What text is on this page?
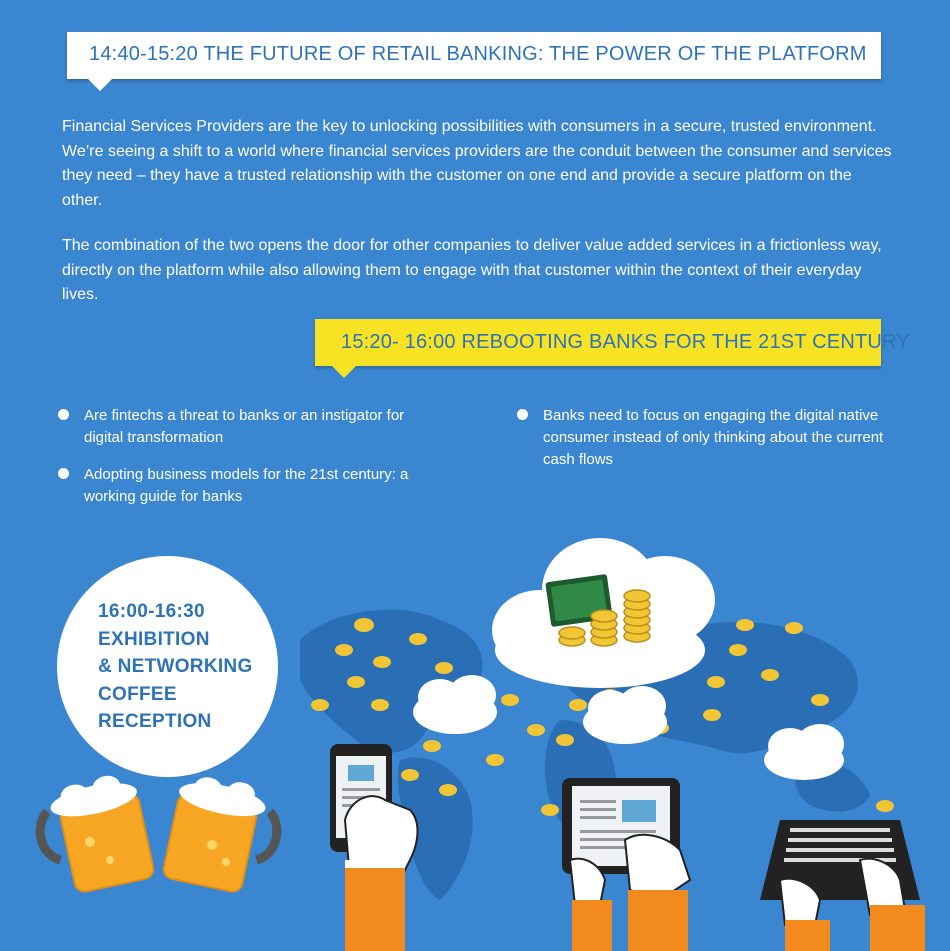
14:40-15:20 THE FUTURE OF RETAIL BANKING: THE POWER OF THE PLATFORM

Financial Services Providers are the key to unlocking possibilities with consumers in a secure, trusted environment. We’re seeing a shift to a world where financial services providers are the conduit between the consumer and services they need – they have a trusted relationship with the customer on one end and provide a secure platform on the other.

The combination of the two opens the door for other companies to deliver value added services in a frictionless way, directly on the platform while also allowing them to engage with that customer within the context of their everyday lives.

15:20- 16:00 REBOOTING BANKS FOR THE 21ST CENTURY
Are fintechs a threat to banks or an instigator for digital transformation
Adopting business models for the 21st century: a working guide for banks
Banks need to focus on engaging the digital native consumer instead of only thinking about the current cash flows
16:00-16:30
EXHIBITION
& NETWORKING
COFFEE
RECEPTION
